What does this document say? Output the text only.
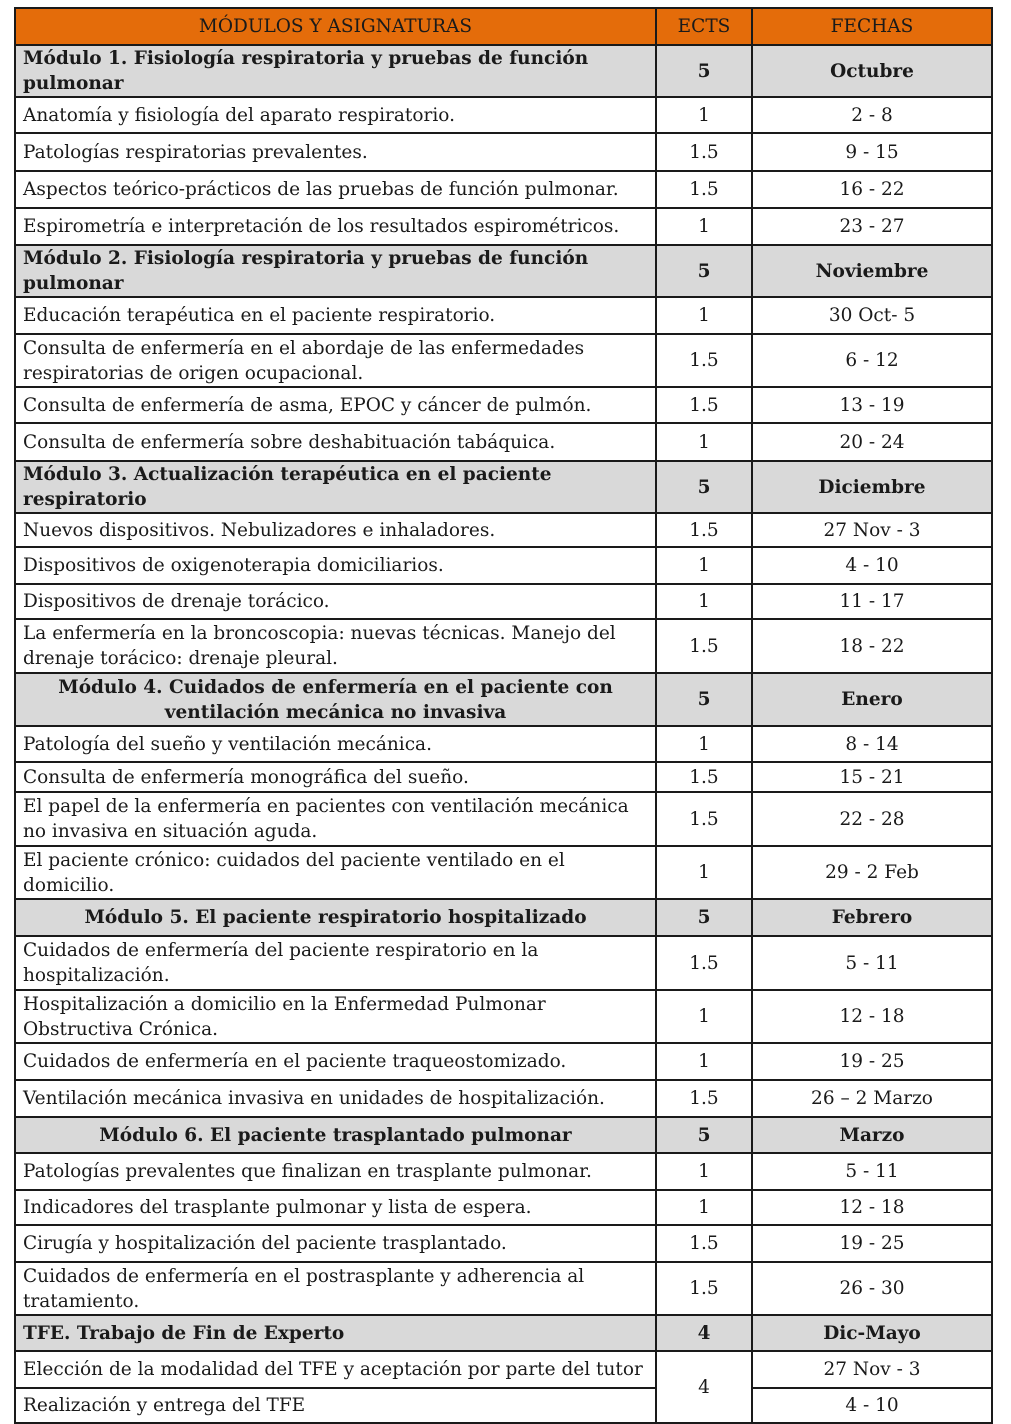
MÓDULOS Y ASIGNATURAS	ECTS	FECHAS
Módulo 1. Fisiología respiratoria y pruebas de función pulmonar	5	Octubre
Anatomía y fisiología del aparato respiratorio.	1	2 - 8
Patologías respiratorias prevalentes.	1.5	9 - 15
Aspectos teórico-prácticos de las pruebas de función pulmonar.	1.5	16 - 22
Espirometría e interpretación de los resultados espirométricos.	1	23 - 27
Módulo 2. Fisiología respiratoria y pruebas de función pulmonar	5	Noviembre
Educación terapéutica en el paciente respiratorio.	1	30 Oct- 5
Consulta de enfermería en el abordaje de las enfermedades respiratorias de origen ocupacional.	1.5	6 - 12
Consulta de enfermería de asma, EPOC y cáncer de pulmón.	1.5	13 - 19
Consulta de enfermería sobre deshabituación tabáquica.	1	20 - 24
Módulo 3. Actualización terapéutica en el paciente respiratorio	5	Diciembre
Nuevos dispositivos. Nebulizadores e inhaladores.	1.5	27 Nov - 3
Dispositivos de oxigenoterapia domiciliarios.	1	4 - 10
Dispositivos de drenaje torácico.	1	11 - 17
La enfermería en la broncoscopia: nuevas técnicas. Manejo del drenaje torácico: drenaje pleural.	1.5	18 - 22
Módulo 4. Cuidados de enfermería en el paciente con ventilación mecánica no invasiva	5	Enero
Patología del sueño y ventilación mecánica.	1	8 - 14
Consulta de enfermería monográfica del sueño.	1.5	15 - 21
El papel de la enfermería en pacientes con ventilación mecánica no invasiva en situación aguda.	1.5	22 - 28
El paciente crónico: cuidados del paciente ventilado en el domicilio.	1	29 - 2 Feb
Módulo 5. El paciente respiratorio hospitalizado	5	Febrero
Cuidados de enfermería del paciente respiratorio en la hospitalización.	1.5	5 - 11
Hospitalización a domicilio en la Enfermedad Pulmonar Obstructiva Crónica.	1	12 - 18
Cuidados de enfermería en el paciente traqueostomizado.	1	19 - 25
Ventilación mecánica invasiva en unidades de hospitalización.	1.5	26 – 2 Marzo
Módulo 6. El paciente trasplantado pulmonar	5	Marzo
Patologías prevalentes que finalizan en trasplante pulmonar.	1	5 - 11
Indicadores del trasplante pulmonar y lista de espera.	1	12 - 18
Cirugía y hospitalización del paciente trasplantado.	1.5	19 - 25
Cuidados de enfermería en el postrasplante y adherencia al tratamiento.	1.5	26 - 30
TFE. Trabajo de Fin de Experto	4	Dic-Mayo
Elección de la modalidad del TFE y aceptación por parte del tutor	4	27 Nov - 3
Realización y entrega del TFE		4 - 10
